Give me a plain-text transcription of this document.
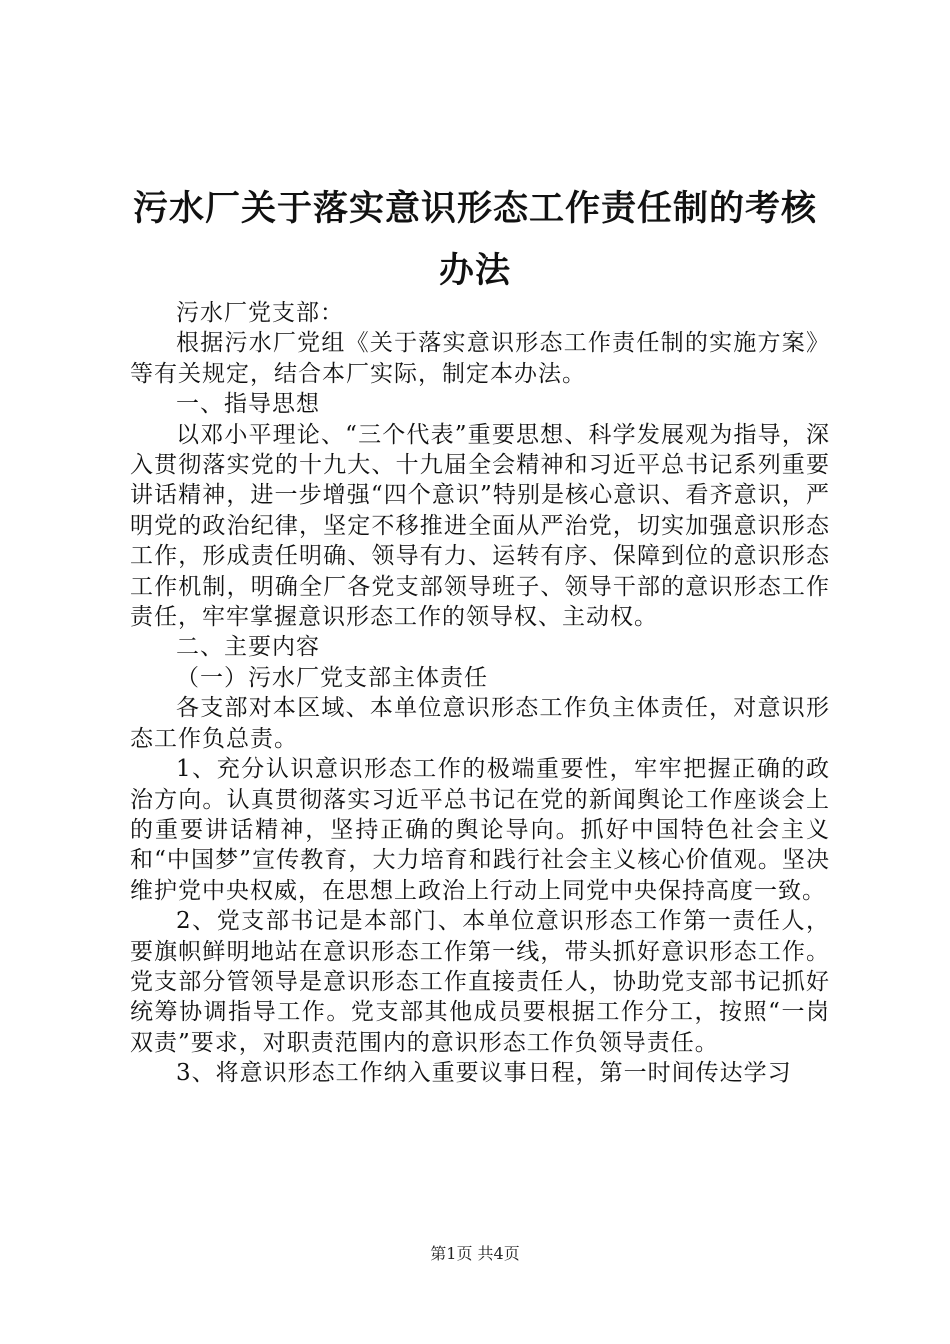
污水厂关于落实意识形态工作责任制的考核办法

污水厂党支部：

根据污水厂党组《关于落实意识形态工作责任制的实施方案》等有关规定，结合本厂实际，制定本办法。

一、指导思想

以邓小平理论、“三个代表”重要思想、科学发展观为指导，深入贯彻落实党的十九大、十九届全会精神和习近平总书记系列重要讲话精神，进一步增强“四个意识”特别是核心意识、看齐意识，严明党的政治纪律，坚定不移推进全面从严治党，切实加强意识形态工作，形成责任明确、领导有力、运转有序、保障到位的意识形态工作机制，明确全厂各党支部领导班子、领导干部的意识形态工作责任，牢牢掌握意识形态工作的领导权、主动权。

二、主要内容

（一）污水厂党支部主体责任

各支部对本区域、本单位意识形态工作负主体责任，对意识形态工作负总责。

1、充分认识意识形态工作的极端重要性，牢牢把握正确的政治方向。认真贯彻落实习近平总书记在党的新闻舆论工作座谈会上的重要讲话精神，坚持正确的舆论导向。抓好中国特色社会主义和“中国梦”宣传教育，大力培育和践行社会主义核心价值观。坚决维护党中央权威，在思想上政治上行动上同党中央保持高度一致。

2、党支部书记是本部门、本单位意识形态工作第一责任人，要旗帜鲜明地站在意识形态工作第一线，带头抓好意识形态工作。党支部分管领导是意识形态工作直接责任人，协助党支部书记抓好统筹协调指导工作。党支部其他成员要根据工作分工，按照“一岗双责”要求，对职责范围内的意识形态工作负领导责任。

3、将意识形态工作纳入重要议事日程，第一时间传达学习

第1页 共4页
